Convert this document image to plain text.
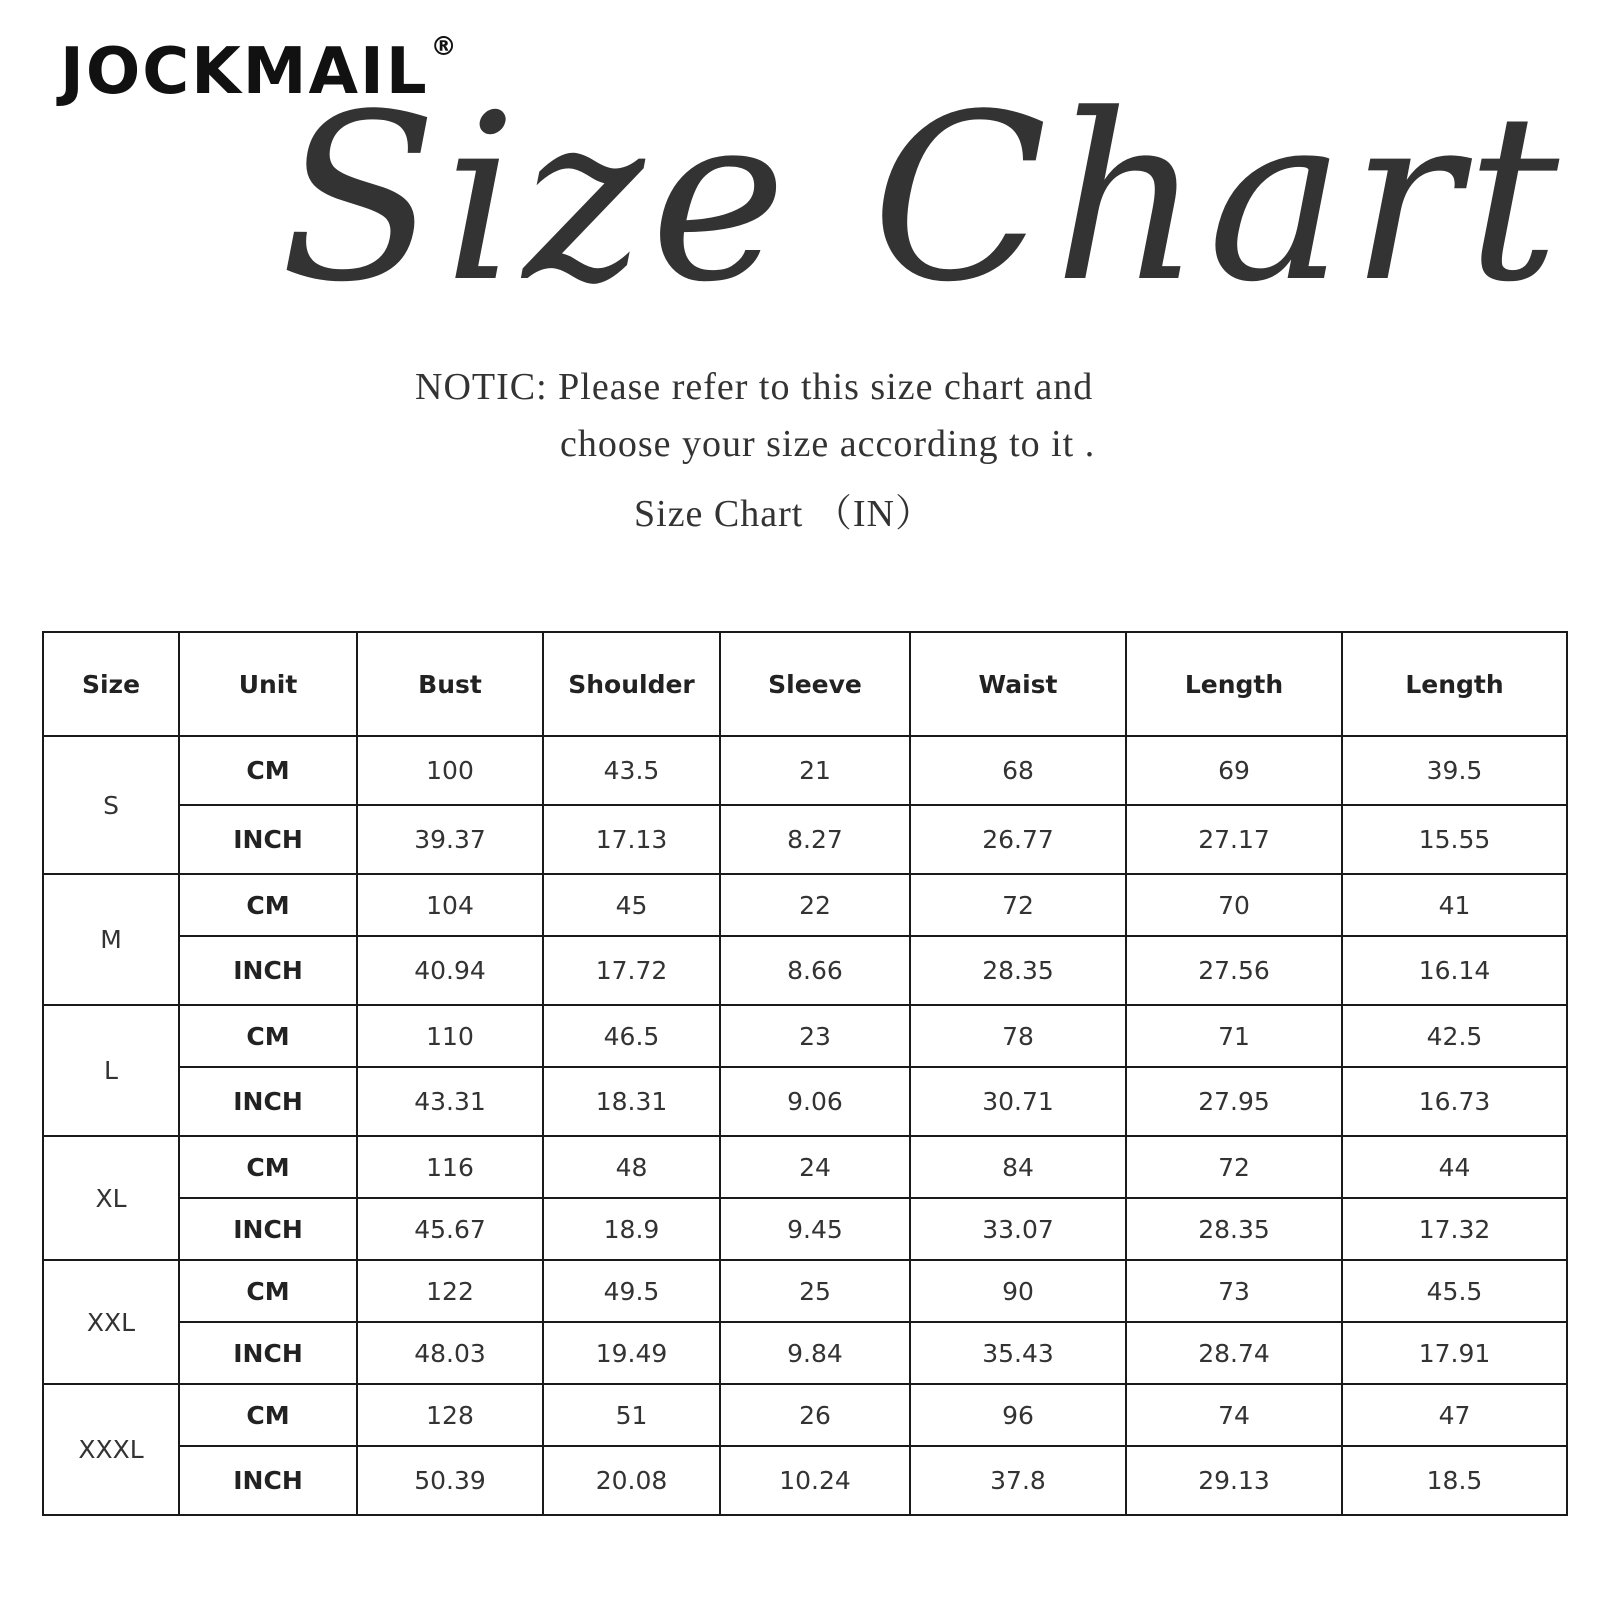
JOCKMAIL®
Size Chart
NOTIC: Please refer to this size chart and
choose your size according to it .
Size Chart （IN）
Size	Unit	Bust	Shoulder	Sleeve	Waist	Length	Length
S	CM	100	43.5	21	68	69	39.5
	INCH	39.37	17.13	8.27	26.77	27.17	15.55
M	CM	104	45	22	72	70	41
	INCH	40.94	17.72	8.66	28.35	27.56	16.14
L	CM	110	46.5	23	78	71	42.5
	INCH	43.31	18.31	9.06	30.71	27.95	16.73
XL	CM	116	48	24	84	72	44
	INCH	45.67	18.9	9.45	33.07	28.35	17.32
XXL	CM	122	49.5	25	90	73	45.5
	INCH	48.03	19.49	9.84	35.43	28.74	17.91
XXXL	CM	128	51	26	96	74	47
	INCH	50.39	20.08	10.24	37.8	29.13	18.5
